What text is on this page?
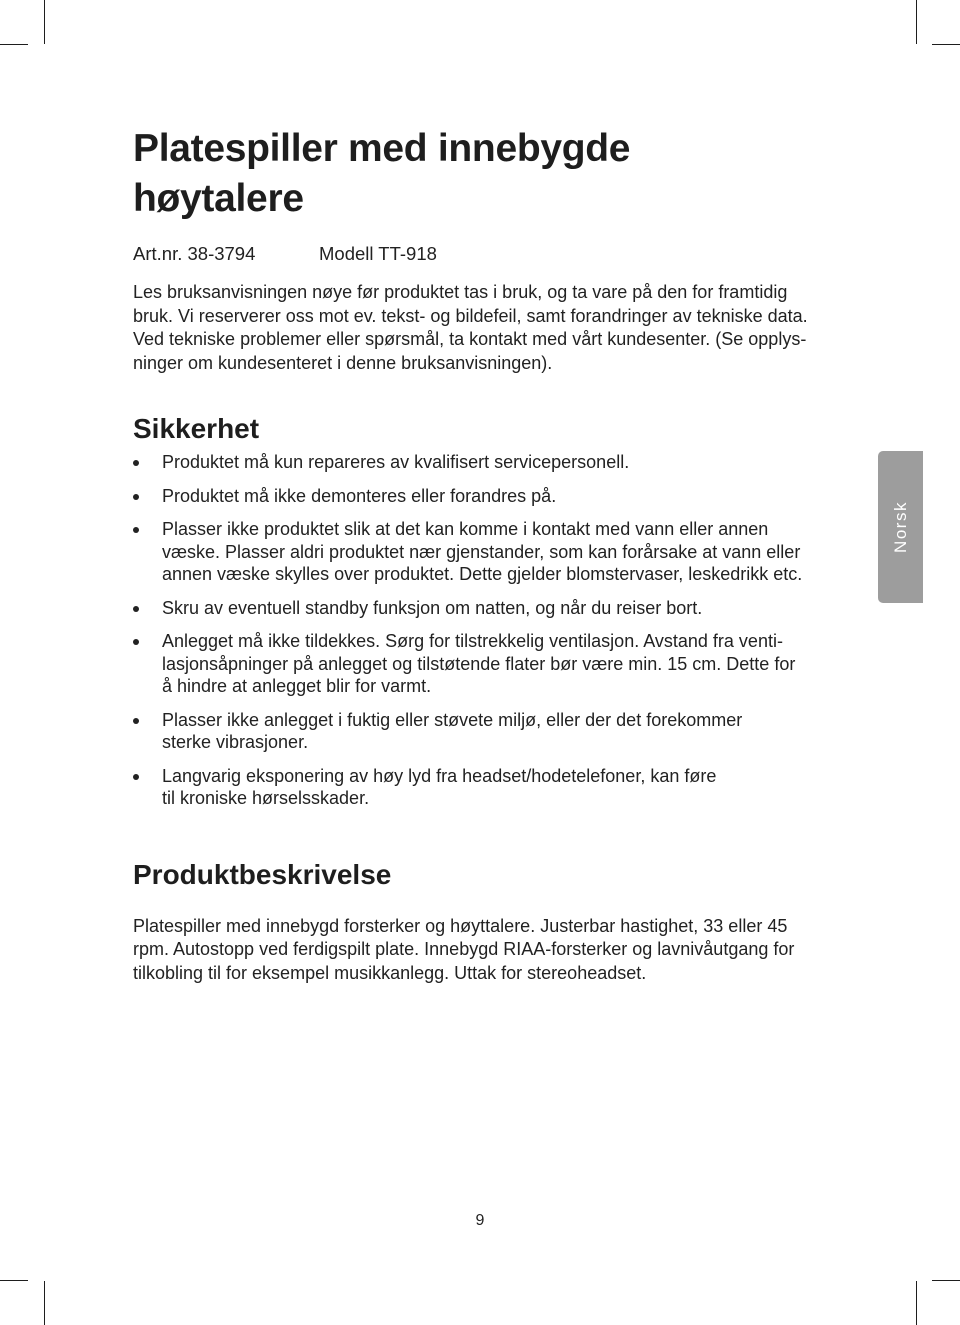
Platespiller med innebygde
høytalere
Art.nr. 38-3794	Modell TT-918
Les bruksanvisningen nøye før produktet tas i bruk, og ta vare på den for framtidig
bruk. Vi reserverer oss mot ev. tekst- og bildefeil, samt forandringer av tekniske data.
Ved tekniske problemer eller spørsmål, ta kontakt med vårt kundesenter. (Se opplys-
ninger om kundesenteret i denne bruksanvisningen).
Sikkerhet
Produktet må kun repareres av kvalifisert servicepersonell.
Produktet må ikke demonteres eller forandres på.
Plasser ikke produktet slik at det kan komme i kontakt med vann eller annen
væske. Plasser aldri produktet nær gjenstander, som kan forårsake at vann eller
annen væske skylles over produktet. Dette gjelder blomstervaser, leskedrikk etc.
Skru av eventuell standby funksjon om natten, og når du reiser bort.
Anlegget må ikke tildekkes. Sørg for tilstrekkelig ventilasjon. Avstand fra venti-
lasjonsåpninger på anlegget og tilstøtende flater bør være min. 15 cm. Dette for
å hindre at anlegget blir for varmt.
Plasser ikke anlegget i fuktig eller støvete miljø, eller der det forekommer
sterke vibrasjoner.
Langvarig eksponering av høy lyd fra headset/hodetelefoner, kan føre
til kroniske hørselsskader.
Produktbeskrivelse
Platespiller med innebygd forsterker og høyttalere. Justerbar hastighet, 33 eller 45
rpm. Autostopp ved ferdigspilt plate. Innebygd RIAA-forsterker og lavnivåutgang for
tilkobling til for eksempel musikkanlegg. Uttak for stereoheadset.
Norsk
9
